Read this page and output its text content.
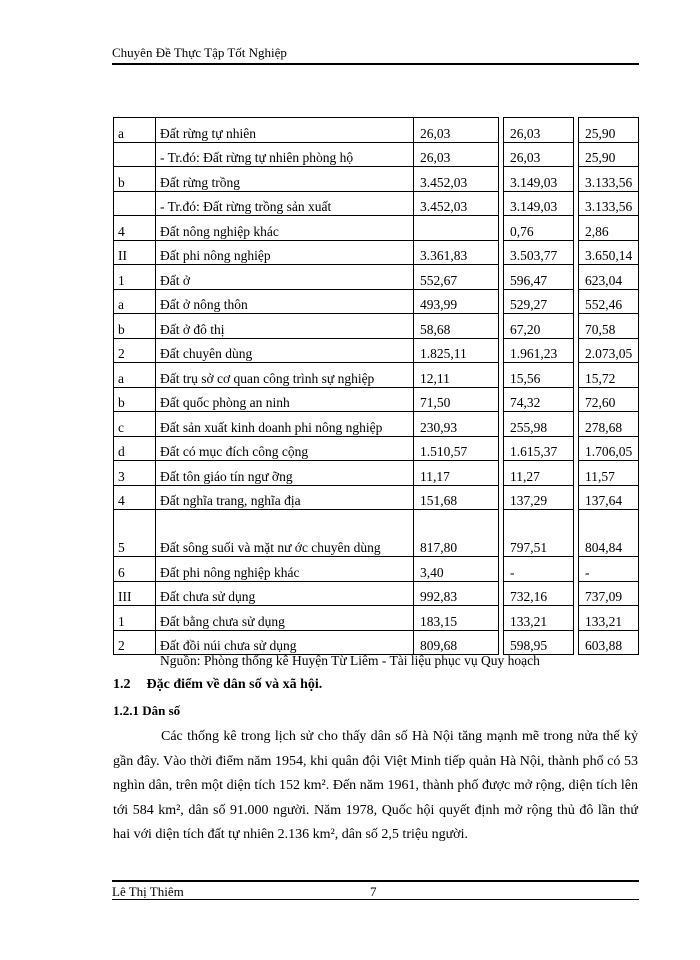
Chuyên Đề Thực Tập Tốt Nghiệp
a	Đất rừng tự nhiên	26,03		26,03		25,90
	- Tr.đó: Đất rừng tự nhiên phòng hộ	26,03		26,03		25,90
b	Đất rừng trồng	3.452,03		3.149,03		3.133,56
	- Tr.đó: Đất rừng trồng sản xuất	3.452,03		3.149,03		3.133,56
4	Đất nông nghiệp khác			0,76		2,86
II	Đất phi nông nghiệp	3.361,83		3.503,77		3.650,14
1	Đất ở	552,67		596,47		623,04
a	Đất ở nông thôn	493,99		529,27		552,46
b	Đất ở đô thị	58,68		67,20		70,58
2	Đất chuyên dùng	1.825,11		1.961,23		2.073,05
a	Đất trụ sở cơ quan công trình sự nghiệp	12,11		15,56		15,72
b	Đất quốc phòng an ninh	71,50		74,32		72,60
c	Đất sản xuất kinh doanh phi nông nghiệp	230,93		255,98		278,68
d	Đất có mục đích công cộng	1.510,57		1.615,37		1.706,05
3	Đất tôn giáo tín ngư ỡng	11,17		11,27		11,57
4	Đất nghĩa trang, nghĩa địa	151,68		137,29		137,64
5	Đất sông suối và mặt nư ớc chuyên dùng	817,80		797,51		804,84
6	Đất phi nông nghiệp khác	3,40		-		-
III	Đất chưa sử dụng	992,83		732,16		737,09
1	Đất bằng chưa sử dụng	183,15		133,21		133,21
2	Đất đồi núi chưa sử dụng	809,68		598,95		603,88
Nguồn: Phòng thống kê Huyện Từ Liêm - Tài liệu phục vụ Quy hoạch
1.2 Đặc điểm về dân số và xã hội.
1.2.1 Dân số
Các thống kê trong lịch sử cho thấy dân số Hà Nội tăng mạnh mẽ trong nửa thế kỷ gần đây. Vào thời điểm năm 1954, khi quân đội Việt Minh tiếp quản Hà Nội, thành phố có 53 nghìn dân, trên một diện tích 152 km². Đến năm 1961, thành phố được mở rộng, diện tích lên tới 584 km², dân số 91.000 người. Năm 1978, Quốc hội quyết định mở rộng thủ đô lần thứ hai với diện tích đất tự nhiên 2.136 km², dân số 2,5 triệu người.
Lê Thị Thiêm	7
